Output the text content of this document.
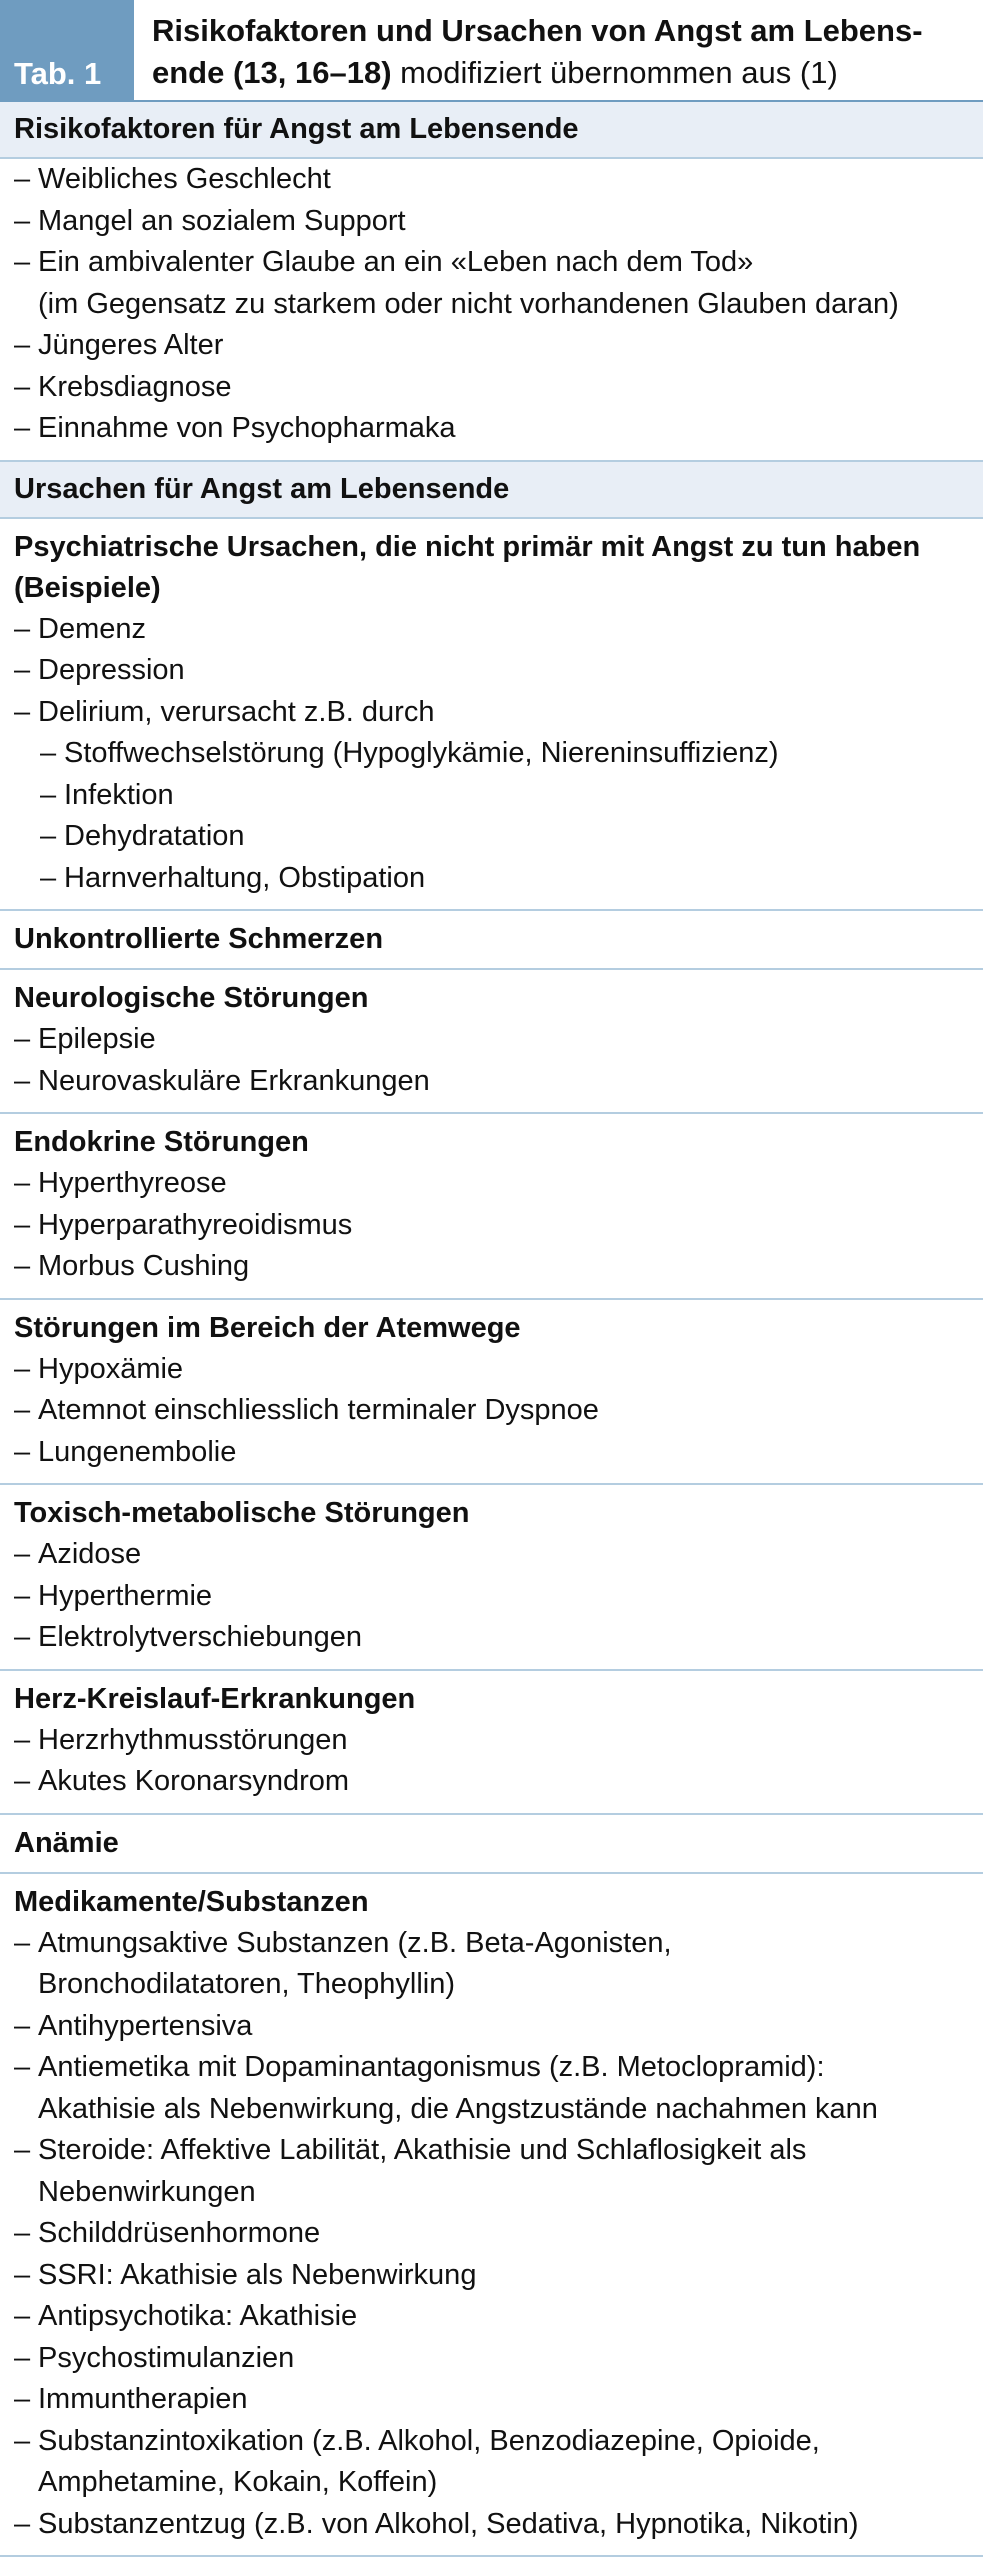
Tab. 1
Risikofaktoren und Ursachen von Angst am Lebensende (13, 16–18) modifiziert übernommen aus (1)
Risikofaktoren für Angst am Lebensende
– Weibliches Geschlecht
– Mangel an sozialem Support
– Ein ambivalenter Glaube an ein «Leben nach dem Tod»
(im Gegensatz zu starkem oder nicht vorhandenen Glauben daran)
– Jüngeres Alter
– Krebsdiagnose
– Einnahme von Psychopharmaka
Ursachen für Angst am Lebensende
Psychiatrische Ursachen, die nicht primär mit Angst zu tun haben (Beispiele)
– Demenz
– Depression
– Delirium, verursacht z.B. durch
– Stoffwechselstörung (Hypoglykämie, Niereninsuffizienz)
– Infektion
– Dehydratation
– Harnverhaltung, Obstipation
Unkontrollierte Schmerzen
Neurologische Störungen
– Epilepsie
– Neurovaskuläre Erkrankungen
Endokrine Störungen
– Hyperthyreose
– Hyperparathyreoidismus
– Morbus Cushing
Störungen im Bereich der Atemwege
– Hypoxämie
– Atemnot einschliesslich terminaler Dyspnoe
– Lungenembolie
Toxisch-metabolische Störungen
– Azidose
– Hyperthermie
– Elektrolytverschiebungen
Herz-Kreislauf-Erkrankungen
– Herzrhythmusstörungen
– Akutes Koronarsyndrom
Anämie
Medikamente/Substanzen
– Atmungsaktive Substanzen (z.B. Beta-Agonisten,
Bronchodilatatoren, Theophyllin)
– Antihypertensiva
– Antiemetika mit Dopaminantagonismus (z.B. Metoclopramid):
Akathisie als Nebenwirkung, die Angstzustände nachahmen kann
– Steroide: Affektive Labilität, Akathisie und Schlaflosigkeit als
Nebenwirkungen
– Schilddrüsenhormone
– SSRI: Akathisie als Nebenwirkung
– Antipsychotika: Akathisie
– Psychostimulanzien
– Immuntherapien
– Substanzintoxikation (z.B. Alkohol, Benzodiazepine, Opioide,
Amphetamine, Kokain, Koffein)
– Substanzentzug (z.B. von Alkohol, Sedativa, Hypnotika, Nikotin)
